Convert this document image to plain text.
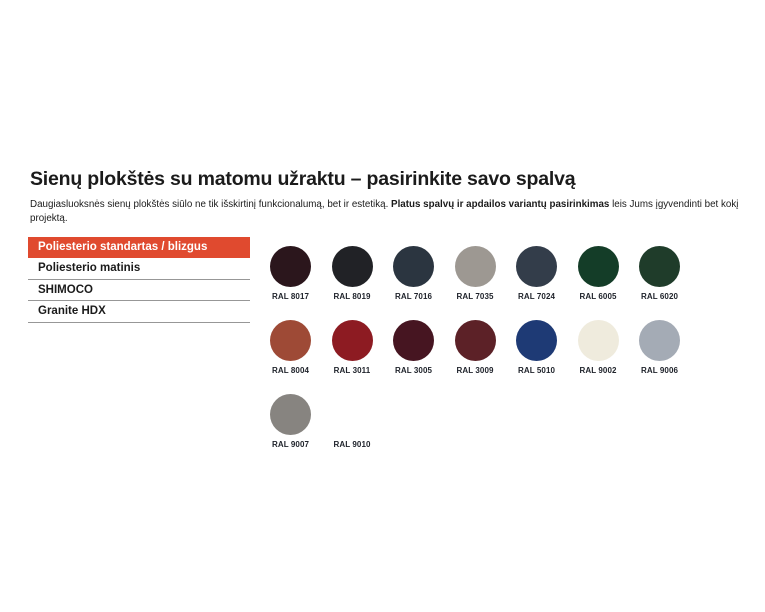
Sienų plokštės su matomu užraktu – pasirinkite savo spalvą

Daugiasluoksnės sienų plokštės siūlo ne tik išskirtinį funkcionalumą, bet ir estetiką. Platus spalvų ir apdailos variantų pasirinkimas leis Jums įgyvendinti bet kokį projektą.

Poliesterio standartas / blizgus
Poliesterio matinis
SHIMOCO
Granite HDX
RAL 8017	RAL 8019	RAL 7016	RAL 7035	RAL 7024	RAL 6005	RAL 6020
RAL 8004	RAL 3011	RAL 3005	RAL 3009	RAL 5010	RAL 9002	RAL 9006
RAL 9007	RAL 9010
